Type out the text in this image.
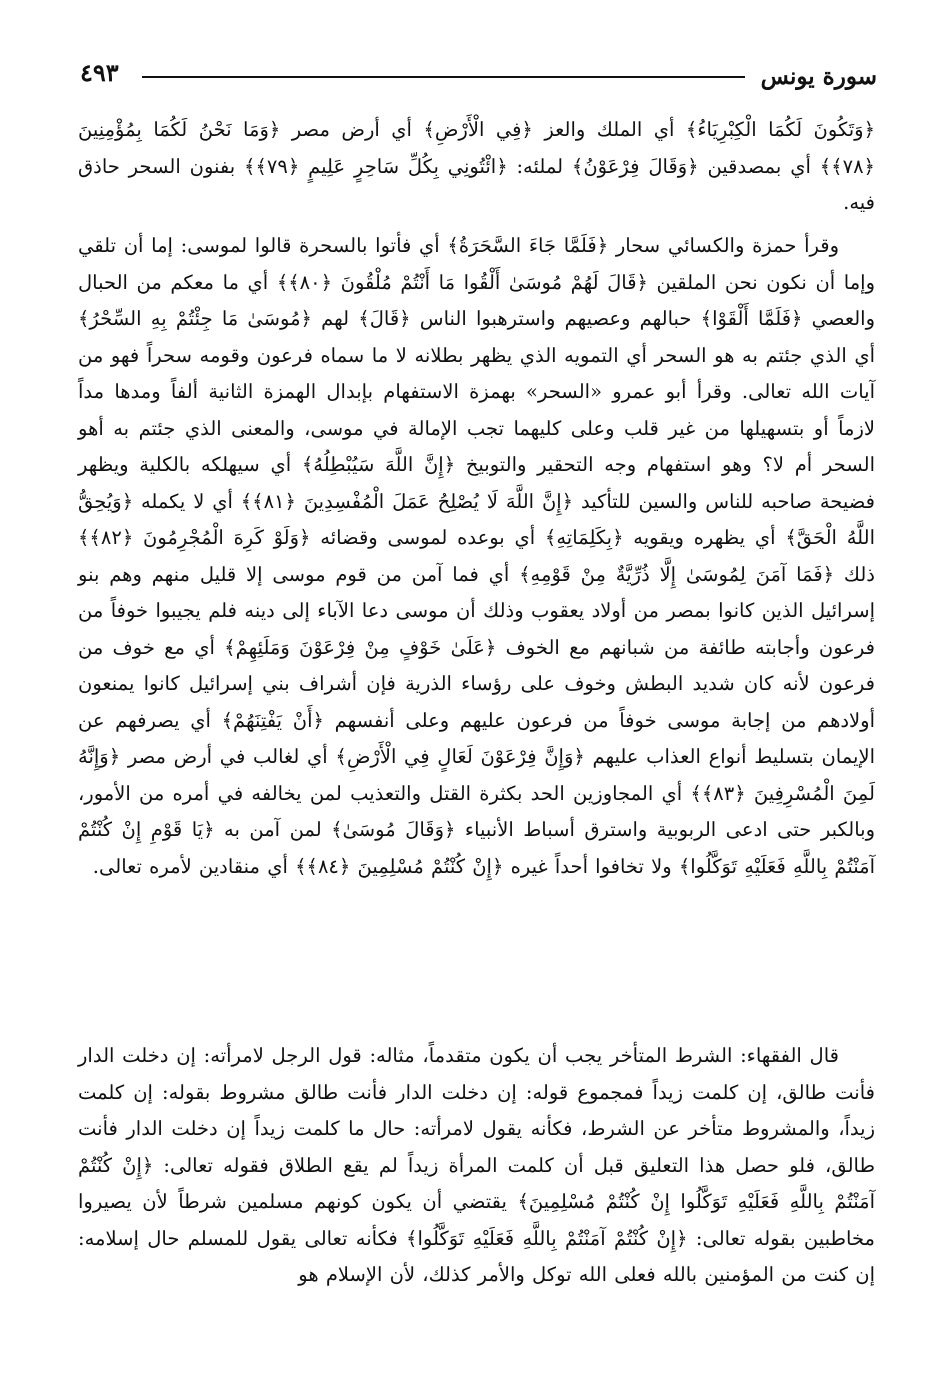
٤٩٣	سورة يونس
﴿وَتَكُونَ لَكُمَا الْكِبْرِيَاءُ﴾ أي الملك والعز ﴿فِي الْأَرْضِ﴾ أي أرض مصر ﴿وَمَا نَحْنُ لَكُمَا بِمُؤْمِنِينَ ﴿٧٨﴾﴾ أي بمصدقين ﴿وَقَالَ فِرْعَوْنُ﴾ لملئه: ﴿ائْتُونِي بِكُلِّ سَاحِرٍ عَلِيمٍ ﴿٧٩﴾﴾ بفنون السحر حاذق فيه.
وقرأ حمزة والكسائي سحار ﴿فَلَمَّا جَاءَ السَّحَرَةُ﴾ أي فأتوا بالسحرة قالوا لموسى: إما أن تلقي وإما أن نكون نحن الملقين ﴿قَالَ لَهُمْ مُوسَىٰ أَلْقُوا مَا أَنْتُمْ مُلْقُونَ ﴿٨٠﴾﴾ أي ما معكم من الحبال والعصي ﴿فَلَمَّا أَلْقَوْا﴾ حبالهم وعصيهم واسترهبوا الناس ﴿قَالَ﴾ لهم ﴿مُوسَىٰ مَا جِئْتُمْ بِهِ السِّحْرُ﴾ أي الذي جئتم به هو السحر أي التمويه الذي يظهر بطلانه لا ما سماه فرعون وقومه سحراً فهو من آيات الله تعالى. وقرأ أبو عمرو «السحر» بهمزة الاستفهام بإبدال الهمزة الثانية ألفاً ومدها مداً لازماً أو بتسهيلها من غير قلب وعلى كليهما تجب الإمالة في موسى، والمعنى الذي جئتم به أهو السحر أم لا؟ وهو استفهام وجه التحقير والتوبيخ ﴿إِنَّ اللَّهَ سَيُبْطِلُهُ﴾ أي سيهلكه بالكلية ويظهر فضيحة صاحبه للناس والسين للتأكيد ﴿إِنَّ اللَّهَ لَا يُصْلِحُ عَمَلَ الْمُفْسِدِينَ ﴿٨١﴾﴾ أي لا يكمله ﴿وَيُحِقُّ اللَّهُ الْحَقَّ﴾ أي يظهره ويقويه ﴿بِكَلِمَاتِهِ﴾ أي بوعده لموسى وقضائه ﴿وَلَوْ كَرِهَ الْمُجْرِمُونَ ﴿٨٢﴾﴾ ذلك ﴿فَمَا آمَنَ لِمُوسَىٰ إِلَّا ذُرِّيَّةٌ مِنْ قَوْمِهِ﴾ أي فما آمن من قوم موسى إلا قليل منهم وهم بنو إسرائيل الذين كانوا بمصر من أولاد يعقوب وذلك أن موسى دعا الآباء إلى دينه فلم يجيبوا خوفاً من فرعون وأجابته طائفة من شبانهم مع الخوف ﴿عَلَىٰ خَوْفٍ مِنْ فِرْعَوْنَ وَمَلَئِهِمْ﴾ أي مع خوف من فرعون لأنه كان شديد البطش وخوف على رؤساء الذرية فإن أشراف بني إسرائيل كانوا يمنعون أولادهم من إجابة موسى خوفاً من فرعون عليهم وعلى أنفسهم ﴿أَنْ يَفْتِنَهُمْ﴾ أي يصرفهم عن الإيمان بتسليط أنواع العذاب عليهم ﴿وَإِنَّ فِرْعَوْنَ لَعَالٍ فِي الْأَرْضِ﴾ أي لغالب في أرض مصر ﴿وَإِنَّهُ لَمِنَ الْمُسْرِفِينَ ﴿٨٣﴾﴾ أي المجاوزين الحد بكثرة القتل والتعذيب لمن يخالفه في أمره من الأمور، وبالكبر حتى ادعى الربوبية واسترق أسباط الأنبياء ﴿وَقَالَ مُوسَىٰ﴾ لمن آمن به ﴿يَا قَوْمِ إِنْ كُنْتُمْ آمَنْتُمْ بِاللَّهِ فَعَلَيْهِ تَوَكَّلُوا﴾ ولا تخافوا أحداً غيره ﴿إِنْ كُنْتُمْ مُسْلِمِينَ ﴿٨٤﴾﴾ أي منقادين لأمره تعالى.
قال الفقهاء: الشرط المتأخر يجب أن يكون متقدماً، مثاله: قول الرجل لامرأته: إن دخلت الدار فأنت طالق، إن كلمت زيداً فمجموع قوله: إن دخلت الدار فأنت طالق مشروط بقوله: إن كلمت زيداً، والمشروط متأخر عن الشرط، فكأنه يقول لامرأته: حال ما كلمت زيداً إن دخلت الدار فأنت طالق، فلو حصل هذا التعليق قبل أن كلمت المرأة زيداً لم يقع الطلاق فقوله تعالى: ﴿إِنْ كُنْتُمْ آمَنْتُمْ بِاللَّهِ فَعَلَيْهِ تَوَكَّلُوا إِنْ كُنْتُمْ مُسْلِمِينَ﴾ يقتضي أن يكون كونهم مسلمين شرطاً لأن يصيروا مخاطبين بقوله تعالى: ﴿إِنْ كُنْتُمْ آمَنْتُمْ بِاللَّهِ فَعَلَيْهِ تَوَكَّلُوا﴾ فكأنه تعالى يقول للمسلم حال إسلامه: إن كنت من المؤمنين بالله فعلى الله توكل والأمر كذلك، لأن الإسلام هو
